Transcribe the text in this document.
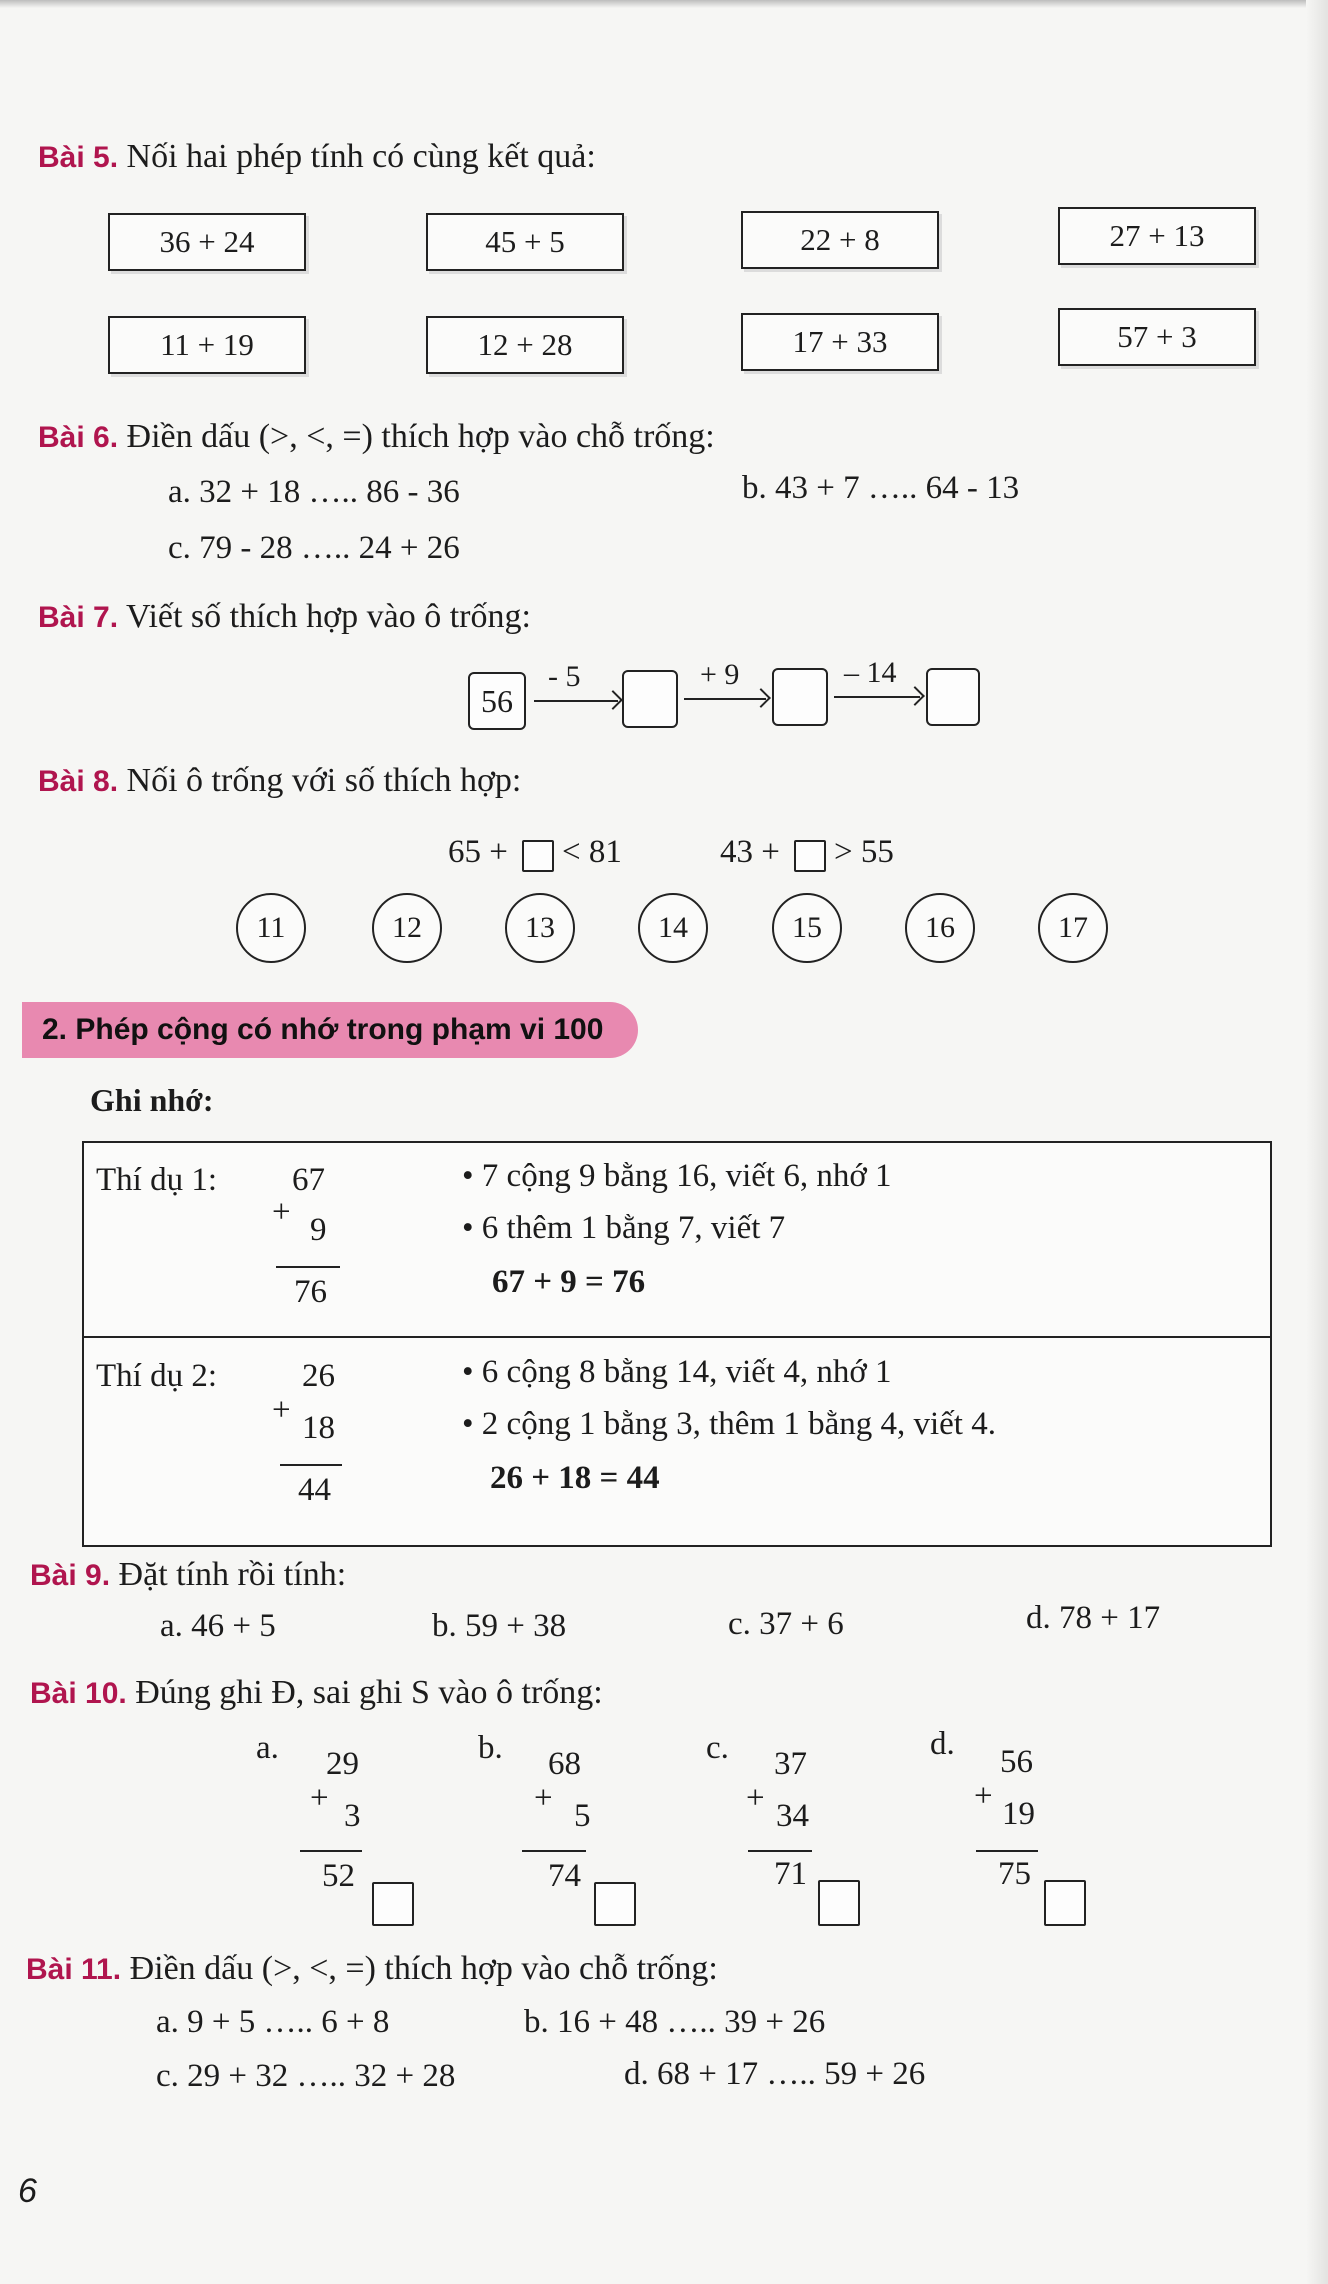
Bài 5. Nối hai phép tính có cùng kết quả:
36 + 24	45 + 5	22 + 8	27 + 13
11 + 19	12 + 28	17 + 33	57 + 3
Bài 6. Điền dấu (>, <, =) thích hợp vào chỗ trống:
a. 32 + 18 ….. 86 - 36	b. 43 + 7 ….. 64 - 13
c. 79 - 28 ….. 24 + 26
Bài 7. Viết số thích hợp vào ô trống:
56
- 5	+ 9	– 14
Bài 8. Nối ô trống với số thích hợp:
65 + < 81	43 + > 55
11	12	13	14	15	16	17
2. Phép cộng có nhớ trong phạm vi 100
Ghi nhớ:
Thí dụ 1: 67
+ 9
76
• 7 cộng 9 bằng 16, viết 6, nhớ 1
• 6 thêm 1 bằng 7, viết 7
67 + 9 = 76
Thí dụ 2:	26
+ 18
44
• 6 cộng 8 bằng 14, viết 4, nhớ 1
• 2 cộng 1 bằng 3, thêm 1 bằng 4, viết 4.
26 + 18 = 44
Bài 9. Đặt tính rồi tính:
a. 46 + 5	b. 59 + 38	c. 37 + 6	d. 78 + 17
Bài 10. Đúng ghi Đ, sai ghi S vào ô trống:
a. 29
+ 3
52
b. 68
+ 5
74
c. 37
+ 34
71
d. 56
+ 19
75
Bài 11. Điền dấu (>, <, =) thích hợp vào chỗ trống:
a. 9 + 5 ….. 6 + 8	b. 16 + 48 ….. 39 + 26
c. 29 + 32 ….. 32 + 28	d. 68 + 17 ….. 59 + 26
6
